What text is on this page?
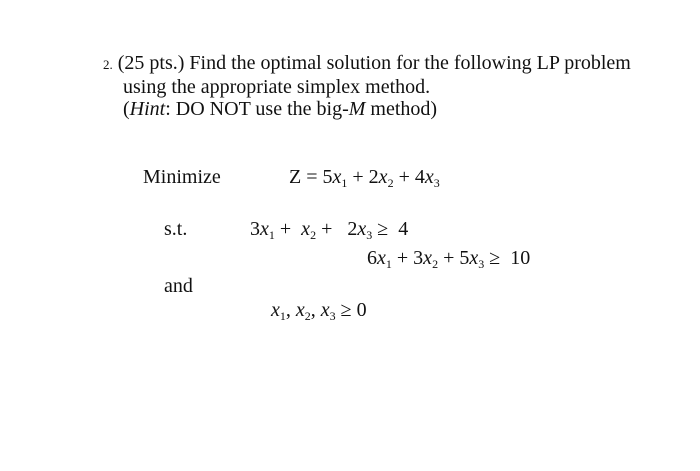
2. (25 pts.) Find the optimal solution for the following LP problem
using the appropriate simplex method.
(Hint: DO NOT use the big-M method)
Minimize
s.t.
and
$Z = 5x_1 + 2x_2 + 4x_3$
$3x_1 + x_2 + 2x_3 \ge 4$
$6x_1 + 3x_2 + 5x_3 \ge 10$
$x_1$, $x_2$, $x_3 \ge 0$
